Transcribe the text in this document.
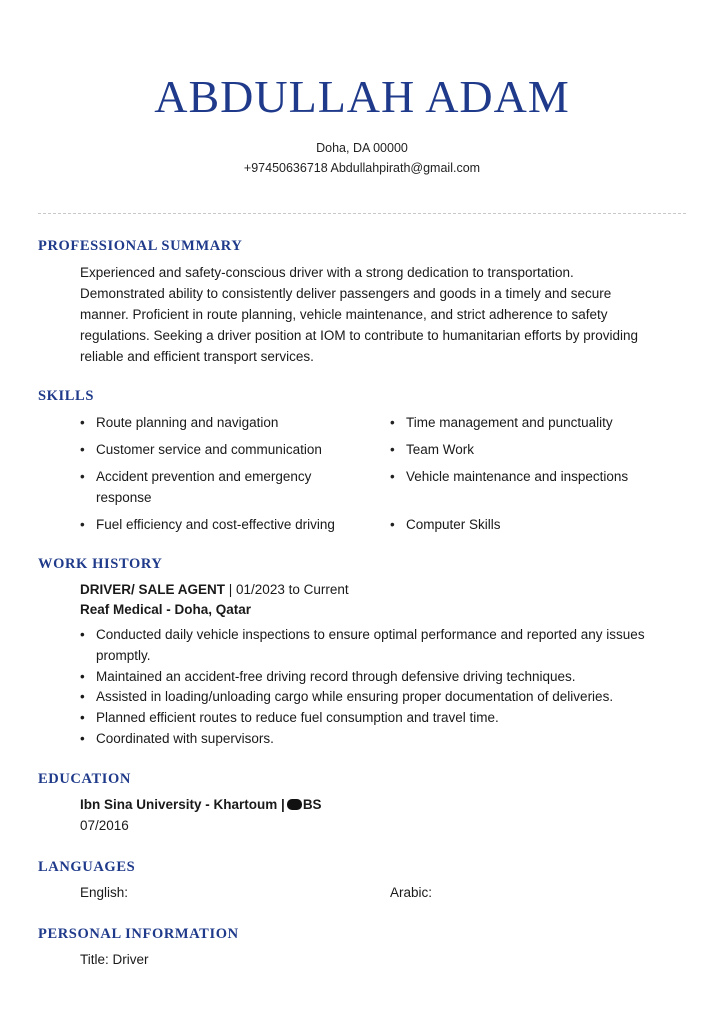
ABDULLAH ADAM
Doha, DA 00000
+97450636718 Abdullahpirath@gmail.com
PROFESSIONAL SUMMARY
Experienced and safety-conscious driver with a strong dedication to transportation.
Demonstrated ability to consistently deliver passengers and goods in a timely and secure
manner. Proficient in route planning, vehicle maintenance, and strict adherence to safety
regulations. Seeking a driver position at IOM to contribute to humanitarian efforts by providing
reliable and efficient transport services.
SKILLS
• Route planning and navigation
• Customer service and communication
• Accident prevention and emergency response
• Fuel efficiency and cost-effective driving
• Time management and punctuality
• Team Work
• Vehicle maintenance and inspections
• Computer Skills
WORK HISTORY
DRIVER/ SALE AGENT | 01/2023 to Current
Reaf Medical - Doha, Qatar
• Conducted daily vehicle inspections to ensure optimal performance and reported any issues promptly.
• Maintained an accident-free driving record through defensive driving techniques.
• Assisted in loading/unloading cargo while ensuring proper documentation of deliveries.
• Planned efficient routes to reduce fuel consumption and travel time.
• Coordinated with supervisors.
EDUCATION
Ibn Sina University - Khartoum | BS
07/2016
LANGUAGES
English:	Arabic:
PERSONAL INFORMATION
Title: Driver
